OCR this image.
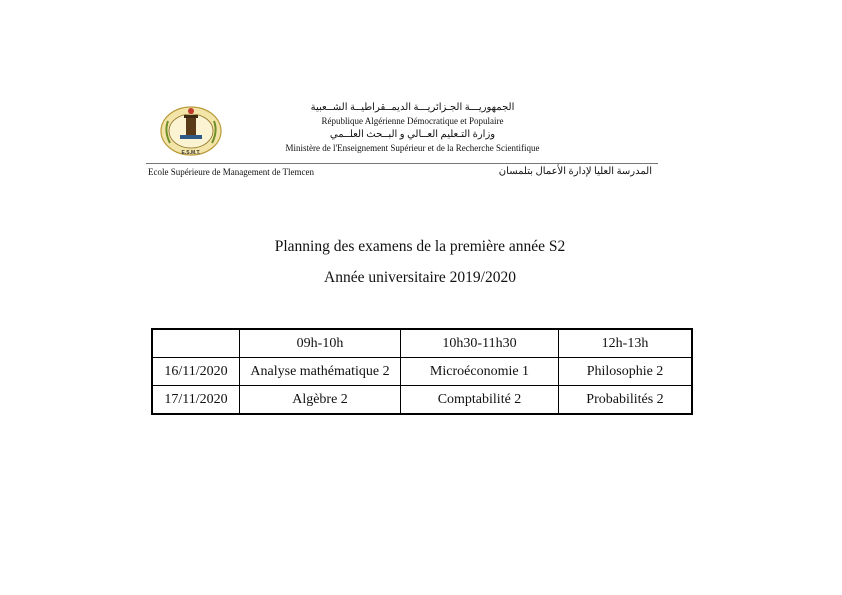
E.S.M.T.
الجمهوريـــة الجـزائريـــة الديمــقراطيــة الشــعبية
République Algérienne Démocratique et Populaire
وزارة التـعليم العــالي و البــحث العلــمي
Ministère de l'Enseignement Supérieur et de la Recherche Scientifique
Ecole Supérieure de Management de Tlemcen	المدرسة العليا لإدارة الأعمال بتلمسان
Planning des examens de la première année S2
Année universitaire 2019/2020
	09h-10h	10h30-11h30	12h-13h
16/11/2020	Analyse mathématique 2	Microéconomie 1	Philosophie 2
17/11/2020	Algèbre 2	Comptabilité 2	Probabilités 2
